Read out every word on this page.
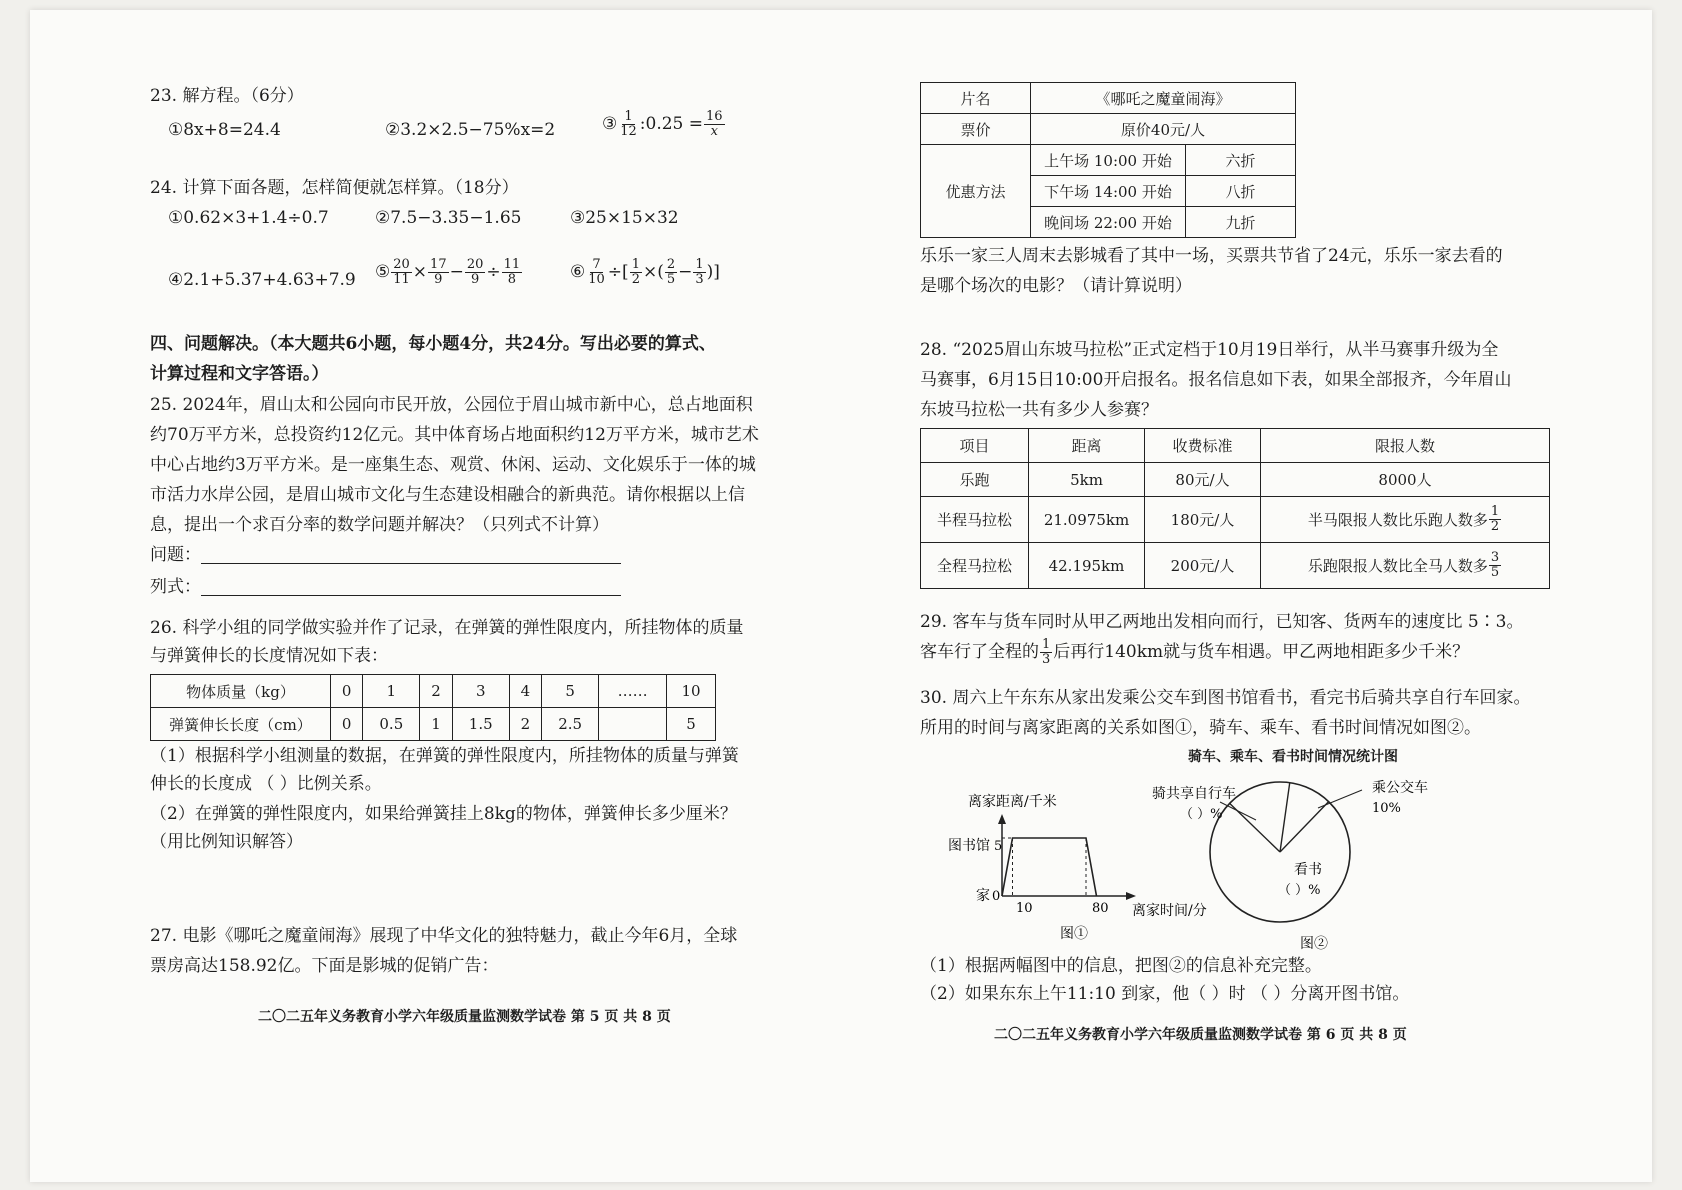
23. 解方程。（6分）
①8x+8=24.4	②3.2×2.5−75%x=2	③ $\frac{1}{12}$ :0.25 = $\frac{16}{x}$
24. 计算下面各题，怎样简便就怎样算。（18分）
①0.62×3+1.4÷0.7	②7.5−3.35−1.65	③25×15×32
④2.1+5.37+4.63+7.9 ⑤ $\frac{20}{11} \times \frac{17}{9} - \frac{20}{9} \div \frac{11}{8}$	⑥ $\frac{7}{10}$ ÷[ $\frac{1}{2}$ ×( $\frac{2}{5} - \frac{1}{3}$ )]
四、问题解决。（本大题共6小题，每小题4分，共24分。写出必要的算式、
计算过程和文字答语。）
25. 2024年，眉山太和公园向市民开放，公园位于眉山城市新中心，总占地面积约70万平方米，总投资约12亿元。其中体育场占地面积约12万平方米，城市艺术中心占地约3万平方米。是一座集生态、观赏、休闲、运动、文化娱乐于一体的城市活力水岸公园，是眉山城市文化与生态建设相融合的新典范。请你根据以上信息，提出一个求百分率的数学问题并解决？（只列式不计算）
问题：
列式：
26. 科学小组的同学做实验并作了记录，在弹簧的弹性限度内，所挂物体的质量
与弹簧伸长的长度情况如下表：
物体质量（kg）	0	1	2	3	4	5	……	10
弹簧伸长长度（cm）	0	0.5	1	1.5	2	2.5		5
（1）根据科学小组测量的数据，在弹簧的弹性限度内，所挂物体的质量与弹簧
伸长的长度成 （ ）比例关系。
（2）在弹簧的弹性限度内，如果给弹簧挂上8kg的物体，弹簧伸长多少厘米？
（用比例知识解答）
27. 电影《哪吒之魔童闹海》展现了中华文化的独特魅力，截止今年6月，全球
票房高达158.92亿。下面是影城的促销广告：
二〇二五年义务教育小学六年级质量监测数学试卷 第 5 页 共 8 页
片名	《哪吒之魔童闹海》	
票价	原价40元/人	
优惠方法	上午场 10:00 开始	六折
	下午场 14:00 开始	八折
	晚间场 22:00 开始	九折
乐乐一家三人周末去影城看了其中一场，买票共节省了24元，乐乐一家去看的
是哪个场次的电影？（请计算说明）
28. “2025眉山东坡马拉松”正式定档于10月19日举行，从半马赛事升级为全
马赛事，6月15日10:00开启报名。报名信息如下表，如果全部报齐，今年眉山
东坡马拉松一共有多少人参赛？
项目	距离	收费标准	限报人数
乐跑	5km	80元/人	8000人
半程马拉松	21.0975km	180元/人	半马限报人数比乐跑人数多 $\frac{1}{2}$

全程马拉松	42.195km	200元/人	乐跑限报人数比全马人数多 $\frac{3}{5}$
29. 客车与货车同时从甲乙两地出发相向而行，已知客、货两车的速度比 5∶3。
客车行了全程的 $\frac{1}{3}$ 后再行140km就与货车相遇。甲乙两地相距多少千米？
30. 周六上午东东从家出发乘公交车到图书馆看书，看完书后骑共享自行车回家。
所用的时间与离家距离的关系如图①，骑车、乘车、看书时间情况如图②。
骑车、乘车、看书时间情况统计图
离家距离/千米
图书馆 5
家 0
10	80 离家时间/分
图①
骑共享自行车
（ ）%
乘公交车
10%
看书
（ ）%
图②
（1）根据两幅图中的信息，把图②的信息补充完整。
（2）如果东东上午11:10 到家，他（ ）时 （ ）分离开图书馆。
二〇二五年义务教育小学六年级质量监测数学试卷 第 6 页 共 8 页
